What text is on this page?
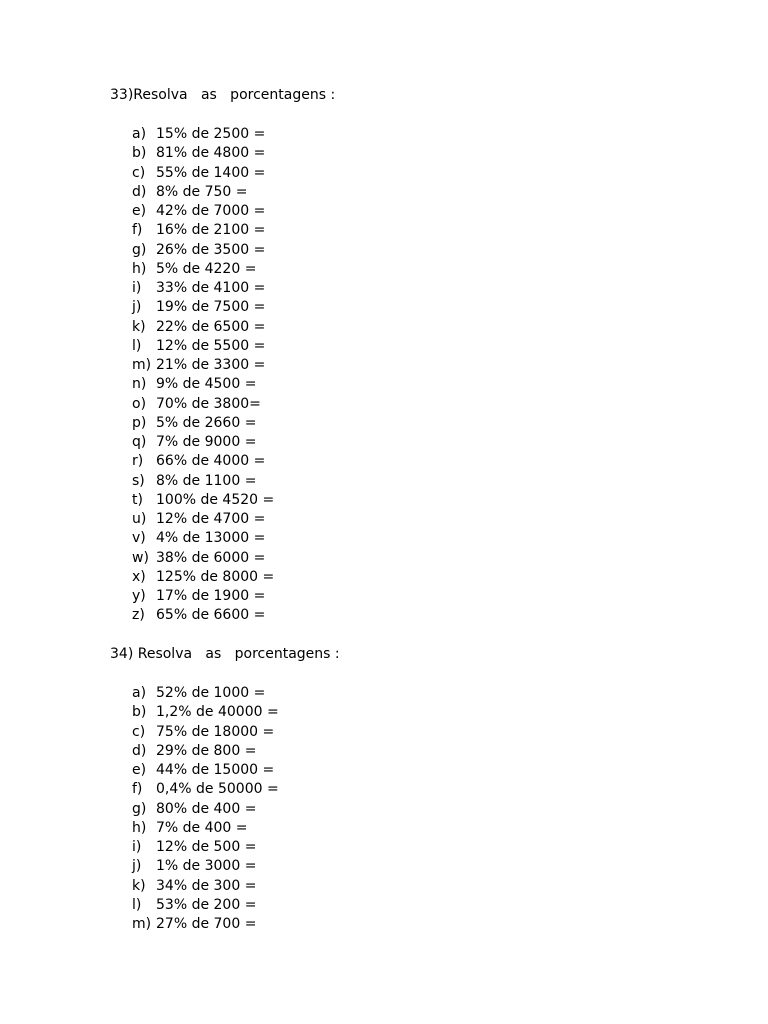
33)Resolva   as   porcentagens :

a) 15% de 2500 =
b) 81% de 4800 =
c) 55% de 1400 =
d) 8% de 750 =
e) 42% de 7000 =
f) 16% de 2100 =
g) 26% de 3500 =
h) 5% de 4220 =
i) 33% de 4100 =
j) 19% de 7500 =
k) 22% de 6500 =
l) 12% de 5500 =
m) 21% de 3300 =
n) 9% de 4500 =
o) 70% de 3800=
p) 5% de 2660 =
q) 7% de 9000 =
r) 66% de 4000 =
s) 8% de 1100 =
t) 100% de 4520 =
u) 12% de 4700 =
v) 4% de 13000 =
w) 38% de 6000 =
x) 125% de 8000 =
y) 17% de 1900 =
z) 65% de 6600 =

34) Resolva   as   porcentagens :

a) 52% de 1000 =
b) 1,2% de 40000 =
c) 75% de 18000 =
d) 29% de 800 =
e) 44% de 15000 =
f) 0,4% de 50000 =
g) 80% de 400 =
h) 7% de 400 =
i) 12% de 500 =
j) 1% de 3000 =
k) 34% de 300 =
l) 53% de 200 =
m) 27% de 700 =
